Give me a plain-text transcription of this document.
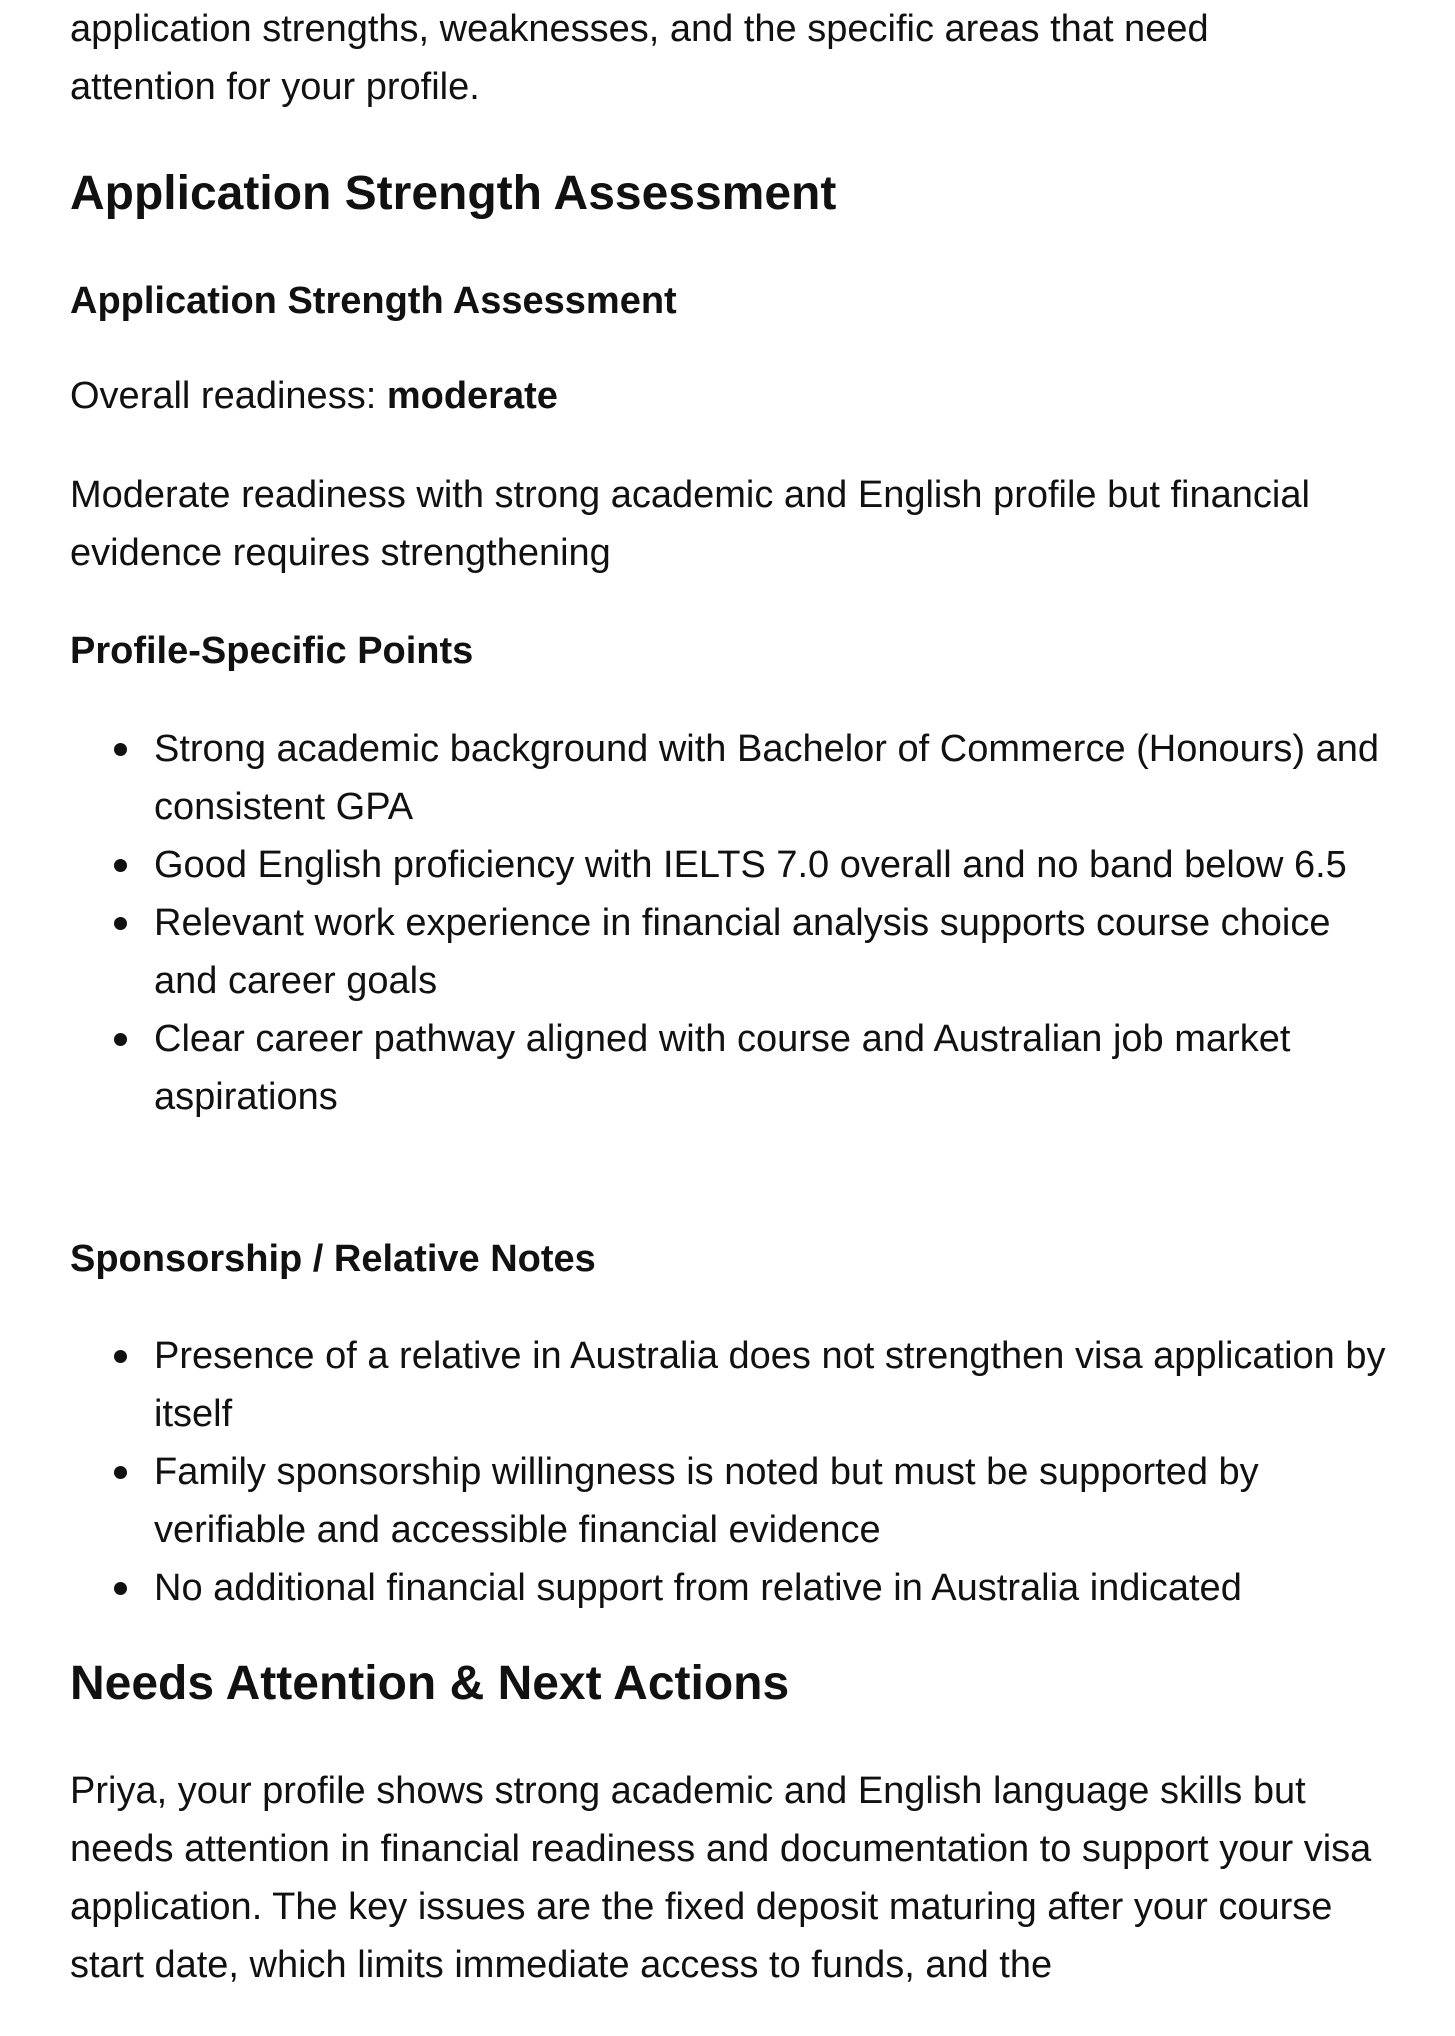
application strengths, weaknesses, and the specific areas that need attention for your profile.

Application Strength Assessment
Application Strength Assessment

Overall readiness: moderate

Moderate readiness with strong academic and English profile but financial evidence requires strengthening

Profile-Specific Points
Strong academic background with Bachelor of Commerce (Honours) and consistent GPA
Good English proficiency with IELTS 7.0 overall and no band below 6.5
Relevant work experience in financial analysis supports course choice and career goals
Clear career pathway aligned with course and Australian job market aspirations
Sponsorship / Relative Notes
Presence of a relative in Australia does not strengthen visa application by itself
Family sponsorship willingness is noted but must be supported by verifiable and accessible financial evidence
No additional financial support from relative in Australia indicated
Needs Attention & Next Actions

Priya, your profile shows strong academic and English language skills but needs attention in financial readiness and documentation to support your visa application. The key issues are the fixed deposit maturing after your course start date, which limits immediate access to funds, and the
